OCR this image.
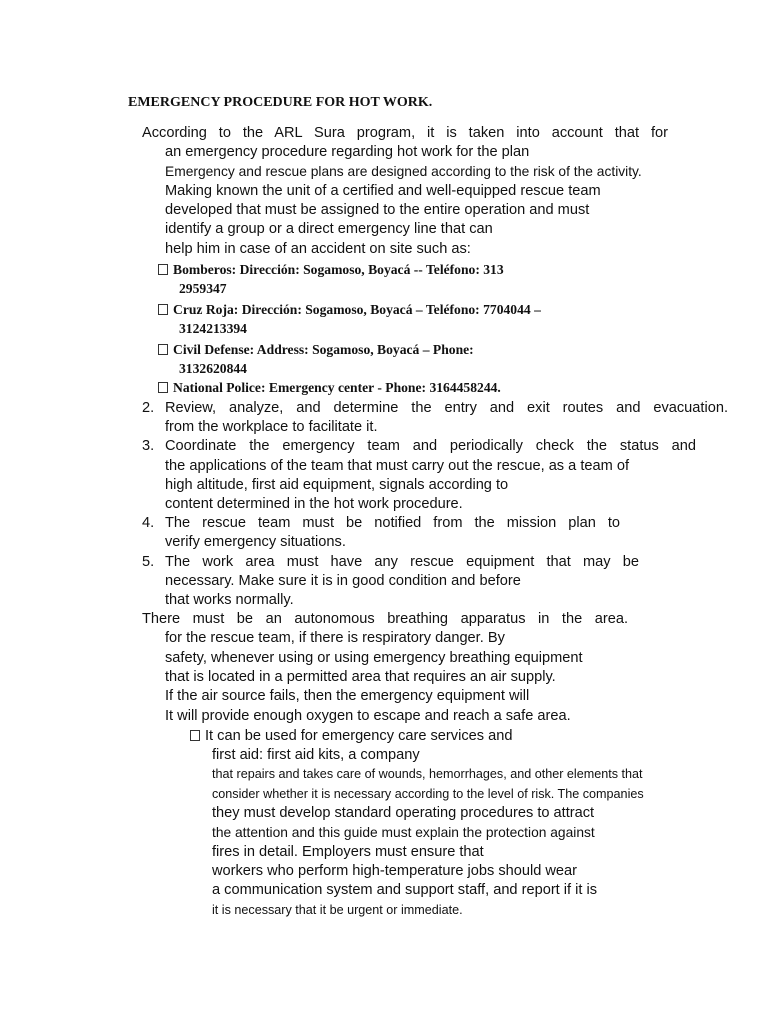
EMERGENCY PROCEDURE FOR HOT WORK.
According to the ARL Sura program, it is taken into account that for
an emergency procedure regarding hot work for the plan
Emergency and rescue plans are designed according to the risk of the activity.
Making known the unit of a certified and well-equipped rescue team
developed that must be assigned to the entire operation and must
identify a group or a direct emergency line that can
help him in case of an accident on site such as:
Bomberos: Dirección: Sogamoso, Boyacá -- Teléfono: 313
2959347
Cruz Roja: Dirección: Sogamoso, Boyacá – Teléfono: 7704044 –
3124213394
Civil Defense: Address: Sogamoso, Boyacá – Phone:
3132620844
National Police: Emergency center - Phone: 3164458244.
2. Review, analyze, and determine the entry and exit routes and evacuation.
from the workplace to facilitate it.
3. Coordinate the emergency team and periodically check the status and
the applications of the team that must carry out the rescue, as a team of
high altitude, first aid equipment, signals according to
content determined in the hot work procedure.
4. The rescue team must be notified from the mission plan to
verify emergency situations.
5. The work area must have any rescue equipment that may be
necessary. Make sure it is in good condition and before
that works normally.
There must be an autonomous breathing apparatus in the area.
for the rescue team, if there is respiratory danger. By
safety, whenever using or using emergency breathing equipment
that is located in a permitted area that requires an air supply.
If the air source fails, then the emergency equipment will
It will provide enough oxygen to escape and reach a safe area.
It can be used for emergency care services and
first aid: first aid kits, a company
that repairs and takes care of wounds, hemorrhages, and other elements that
consider whether it is necessary according to the level of risk. The companies
they must develop standard operating procedures to attract
the attention and this guide must explain the protection against
fires in detail. Employers must ensure that
workers who perform high-temperature jobs should wear
a communication system and support staff, and report if it is
it is necessary that it be urgent or immediate.
